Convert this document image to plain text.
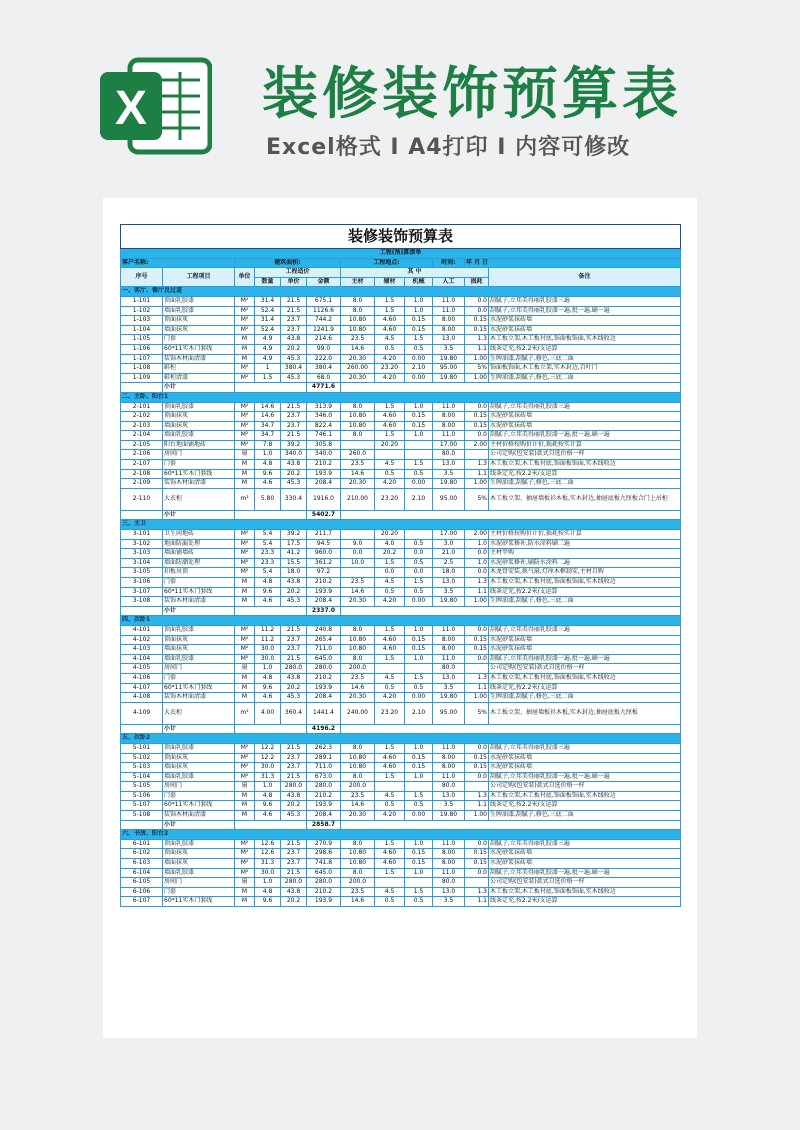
X 装修装饰预算表
Excel格式 I A4打印 I 内容可修改
装修装饰预算表											
工程(预)算清单											
客户名称:		建筑面积:				工程地点:			时间:	年 月 日	
序号	工程项目	单位	工程造价			其 中					备注
			数量	单价	金额	主材	辅材	机械	人工	损耗	
一、客厅、餐厅及过道											
1-101	顶面乳胶漆	M²	31.4	21.5	675.1	8.0	1.5	1.0	11.0	0.0	刮腻子,立邦美得丽乳胶漆三遍
1-102	墙面乳胶漆	M²	52.4	21.5	1126.6	8.0	1.5	1.0	11.0	0.0	刮腻子,立邦美得丽乳胶漆一遍,批一遍,刷一遍
1-103	顶面抹灰	M²	31.4	23.7	744.2	10.80	4.60	0.15	8.00	0.15	水泥砂浆抹砖墙
1-104	墙面抹灰	M²	52.4	23.7	1241.9	10.80	4.60	0.15	8.00	0.15	水泥砂浆抹砖墙
1-105	门套	M	4.9	43.8	214.6	23.5	4.5	1.5	13.0	1.3	木工板立架,木工板衬底,饰面板饰面,实木线收边
1-106	60*11实木门套线	M	4.9	20.2	99.0	14.6	0.5	0.5	3.5	1.1	线条定充,按2.2米/支运算
1-107	装饰木材面清漆	M	4.9	45.3	222.0	20.30	4.20	0.00	19.80	1.00	生牌油漆,刮腻子,修色,三底二面
1-108	鞋柜	M²	1	380.4	380.4	260.00	23.20	2.10	95.00	5%	饰面板饰面,木工板立架,实木封边,百叶门
1-109	鞋柜清漆	M²	1.5	45.3	68.0	20.30	4.20	0.00	19.80	1.00	生牌油漆,刮腻子,修色,三底二面
	小计				4771.6						
二、主卧、阳台1											
2-101	顶面乳胶漆	M²	14.6	21.5	313.9	8.0	1.5	1.0	11.0	0.0	刮腻子,立邦美得丽乳胶漆三遍
2-102	顶面抹灰	M²	14.6	23.7	346.0	10.80	4.60	0.15	8.00	0.15	水泥砂浆抹砖墙
2-103	墙面抹灰	M²	34.7	23.7	822.4	10.80	4.60	0.15	8.00	0.15	水泥砂浆抹砖墙
2-104	墙面乳胶漆	M²	34.7	21.5	746.1	8.0	1.5	1.0	11.0	0.0	刮腻子,立邦美得丽乳胶漆一遍,批一遍,刷一遍
2-105	阳台地面铺地砖	M²	7.8	39.2	305.8		20.20		17.00	2.00	主材价格按购价计价,损耗按实计算
2-106	房间门	扇	1.0	340.0	340.0	260.0			80.0		公司定购(包安装)款式自选价格一样
2-107	门套	M	4.8	43.8	210.2	23.5	4.5	1.5	13.0	1.3	木工板立架,木工板衬底,饰面板饰面,实木线收边
2-108	60*11实木门套线	M	9.6	20.2	193.9	14.6	0.5	0.5	3.5	1.1	线条定充,按2.2米/支运算
2-109	装饰木材面清漆	M	4.6	45.3	208.4	20.30	4.20	0.00	19.80	1.00	生牌油漆,刮腻子,修色,三底二面
2-110	大衣柜	m²	5.80	330.4	1916.0	210.00	23.20	2.10	95.00	5%	木工板立架、抽屉墙板衫木板,实木封边,抽屉底板九厘板合门上吊柜
	小计				5402.7						
三、主卫											
3-101	卫生间地砖	M²	5.4	39.2	211.7		20.20		17.00	2.00	主材价格按购价计价,损耗按实计算
3-102	地面防漏处理	M²	5.4	17.5	94.5	9.0	4.0	0.5	3.0	1.0	水泥砂浆修补,防水涂料刷二遍
3-103	墙面铺墙砖	M²	23.3	41.2	960.0	0.0	20.2	0.0	21.0	0.0	主材甲购
3-104	墙面防潮处理	M²	23.3	15.5	361.2	10.0	1.5	0.5	2.5	1.0	水泥砂浆修补,刷防水涂料二遍
3-105	扣板吊顶	M²	5.4	18.0	97.2		0.0	0.0	18.0	0.0	木龙骨安装,换气扇,灯座木框制安,主材自购
3-106	门套	M	4.8	43.8	210.2	23.5	4.5	1.5	13.0	1.3	木工板立架,木工板衬底,饰面板饰面,实木线收边
3-107	60*11实木门套线	M	9.6	20.2	193.9	14.6	0.5	0.5	3.5	1.1	线条定充,按2.2米/支运算
3-108	装饰木材面清漆	M	4.6	45.3	208.4	20.30	4.20	0.00	19.80	1.00	生牌油漆,刮腻子,修色,三底二面
	小计				2337.0						
四、次卧1											
4-101	顶面乳胶漆	M²	11.2	21.5	240.8	8.0	1.5	1.0	11.0	0.0	刮腻子,立邦美得丽乳胶漆三遍
4-102	顶面抹灰	M²	11.2	23.7	265.4	10.80	4.60	0.15	8.00	0.15	水泥砂浆抹砖墙
4-103	墙面抹灰	M²	30.0	23.7	711.0	10.80	4.60	0.15	8.00	0.15	水泥砂浆抹砖墙
4-104	墙面乳胶漆	M²	30.0	21.5	645.0	8.0	1.5	1.0	11.0	0.0	刮腻子,立邦美得丽乳胶漆一遍,批一遍,刷一遍
4-105	房间门	扇	1.0	280.0	280.0	200.0			80.0		公司定购(包安装)款式自选价格一样
4-106	门套	M	4.8	43.8	210.2	23.5	4.5	1.5	13.0	1.3	木工板立架,木工板衬底,饰面板饰面,实木线收边
4-107	60*11实木门套线	M	9.6	20.2	193.9	14.6	0.5	0.5	3.5	1.1	线条定充,按2.2米/支运算
4-108	装饰木材面清漆	M	4.6	45.3	208.4	20.30	4.20	0.00	19.80	1.00	生牌油漆,刮腻子,修色,三底二面
4-109	大衣柜	m²	4.00	360.4	1441.4	240.00	23.20	2.10	95.00	5%	木工板立架、抽屉墙板衫木板,实木封边,抽屉底板九厘板
	小计				4196.2						
五、次卧2											
5-101	顶面乳胶漆	M²	12.2	21.5	262.3	8.0	1.5	1.0	11.0	0.0	刮腻子,立邦美得丽乳胶漆三遍
5-102	顶面抹灰	M²	12.2	23.7	289.1	10.80	4.60	0.15	8.00	0.15	水泥砂浆抹砖墙
5-103	墙面抹灰	M²	30.0	23.7	711.0	10.80	4.60	0.15	8.00	0.15	水泥砂浆抹砖墙
5-104	墙面乳胶漆	M²	31.3	21.5	673.0	8.0	1.5	1.0	11.0	0.0	刮腻子,立邦美得丽乳胶漆一遍,批一遍,刷一遍
5-105	房间门	扇	1.0	280.0	280.0	200.0			80.0		公司定购(包安装)款式自选价格一样
5-106	门套	M	4.8	43.8	210.2	23.5	4.5	1.5	13.0	1.3	木工板立架,木工板衬底,饰面板饰面,实木线收边
5-107	60*11实木门套线	M	9.6	20.2	193.9	14.6	0.5	0.5	3.5	1.1	线条定充,按2.2米/支运算
5-108	装饰木材面清漆	M	4.6	45.3	208.4	20.30	4.20	0.00	19.80	1.00	生牌油漆,刮腻子,修色,三底二面
	小计				2858.7						
六、书房、阳台2											
6-101	顶面乳胶漆	M²	12.6	21.5	270.9	8.0	1.5	1.0	11.0	0.0	刮腻子,立邦美得丽乳胶漆三遍
6-102	顶面抹灰	M²	12.6	23.7	298.6	10.80	4.60	0.15	8.00	0.15	水泥砂浆抹砖墙
6-103	墙面抹灰	M²	31.3	23.7	741.8	10.80	4.60	0.15	8.00	0.15	水泥砂浆抹砖墙
6-104	墙面乳胶漆	M²	30.0	21.5	645.0	8.0	1.5	1.0	11.0	0.0	刮腻子,立邦美得丽乳胶漆一遍,批一遍,刷一遍
6-105	房间门	扇	1.0	280.0	280.0	200.0			80.0		公司定购(包安装)款式自选价格一样
6-106	门套	M	4.8	43.8	210.2	23.5	4.5	1.5	13.0	1.3	木工板立架,木工板衬底,饰面板饰面,实木线收边
6-107	60*11实木门套线	M	9.6	20.2	193.9	14.6	0.5	0.5	3.5	1.1	线条定充,按2.2米/支运算
